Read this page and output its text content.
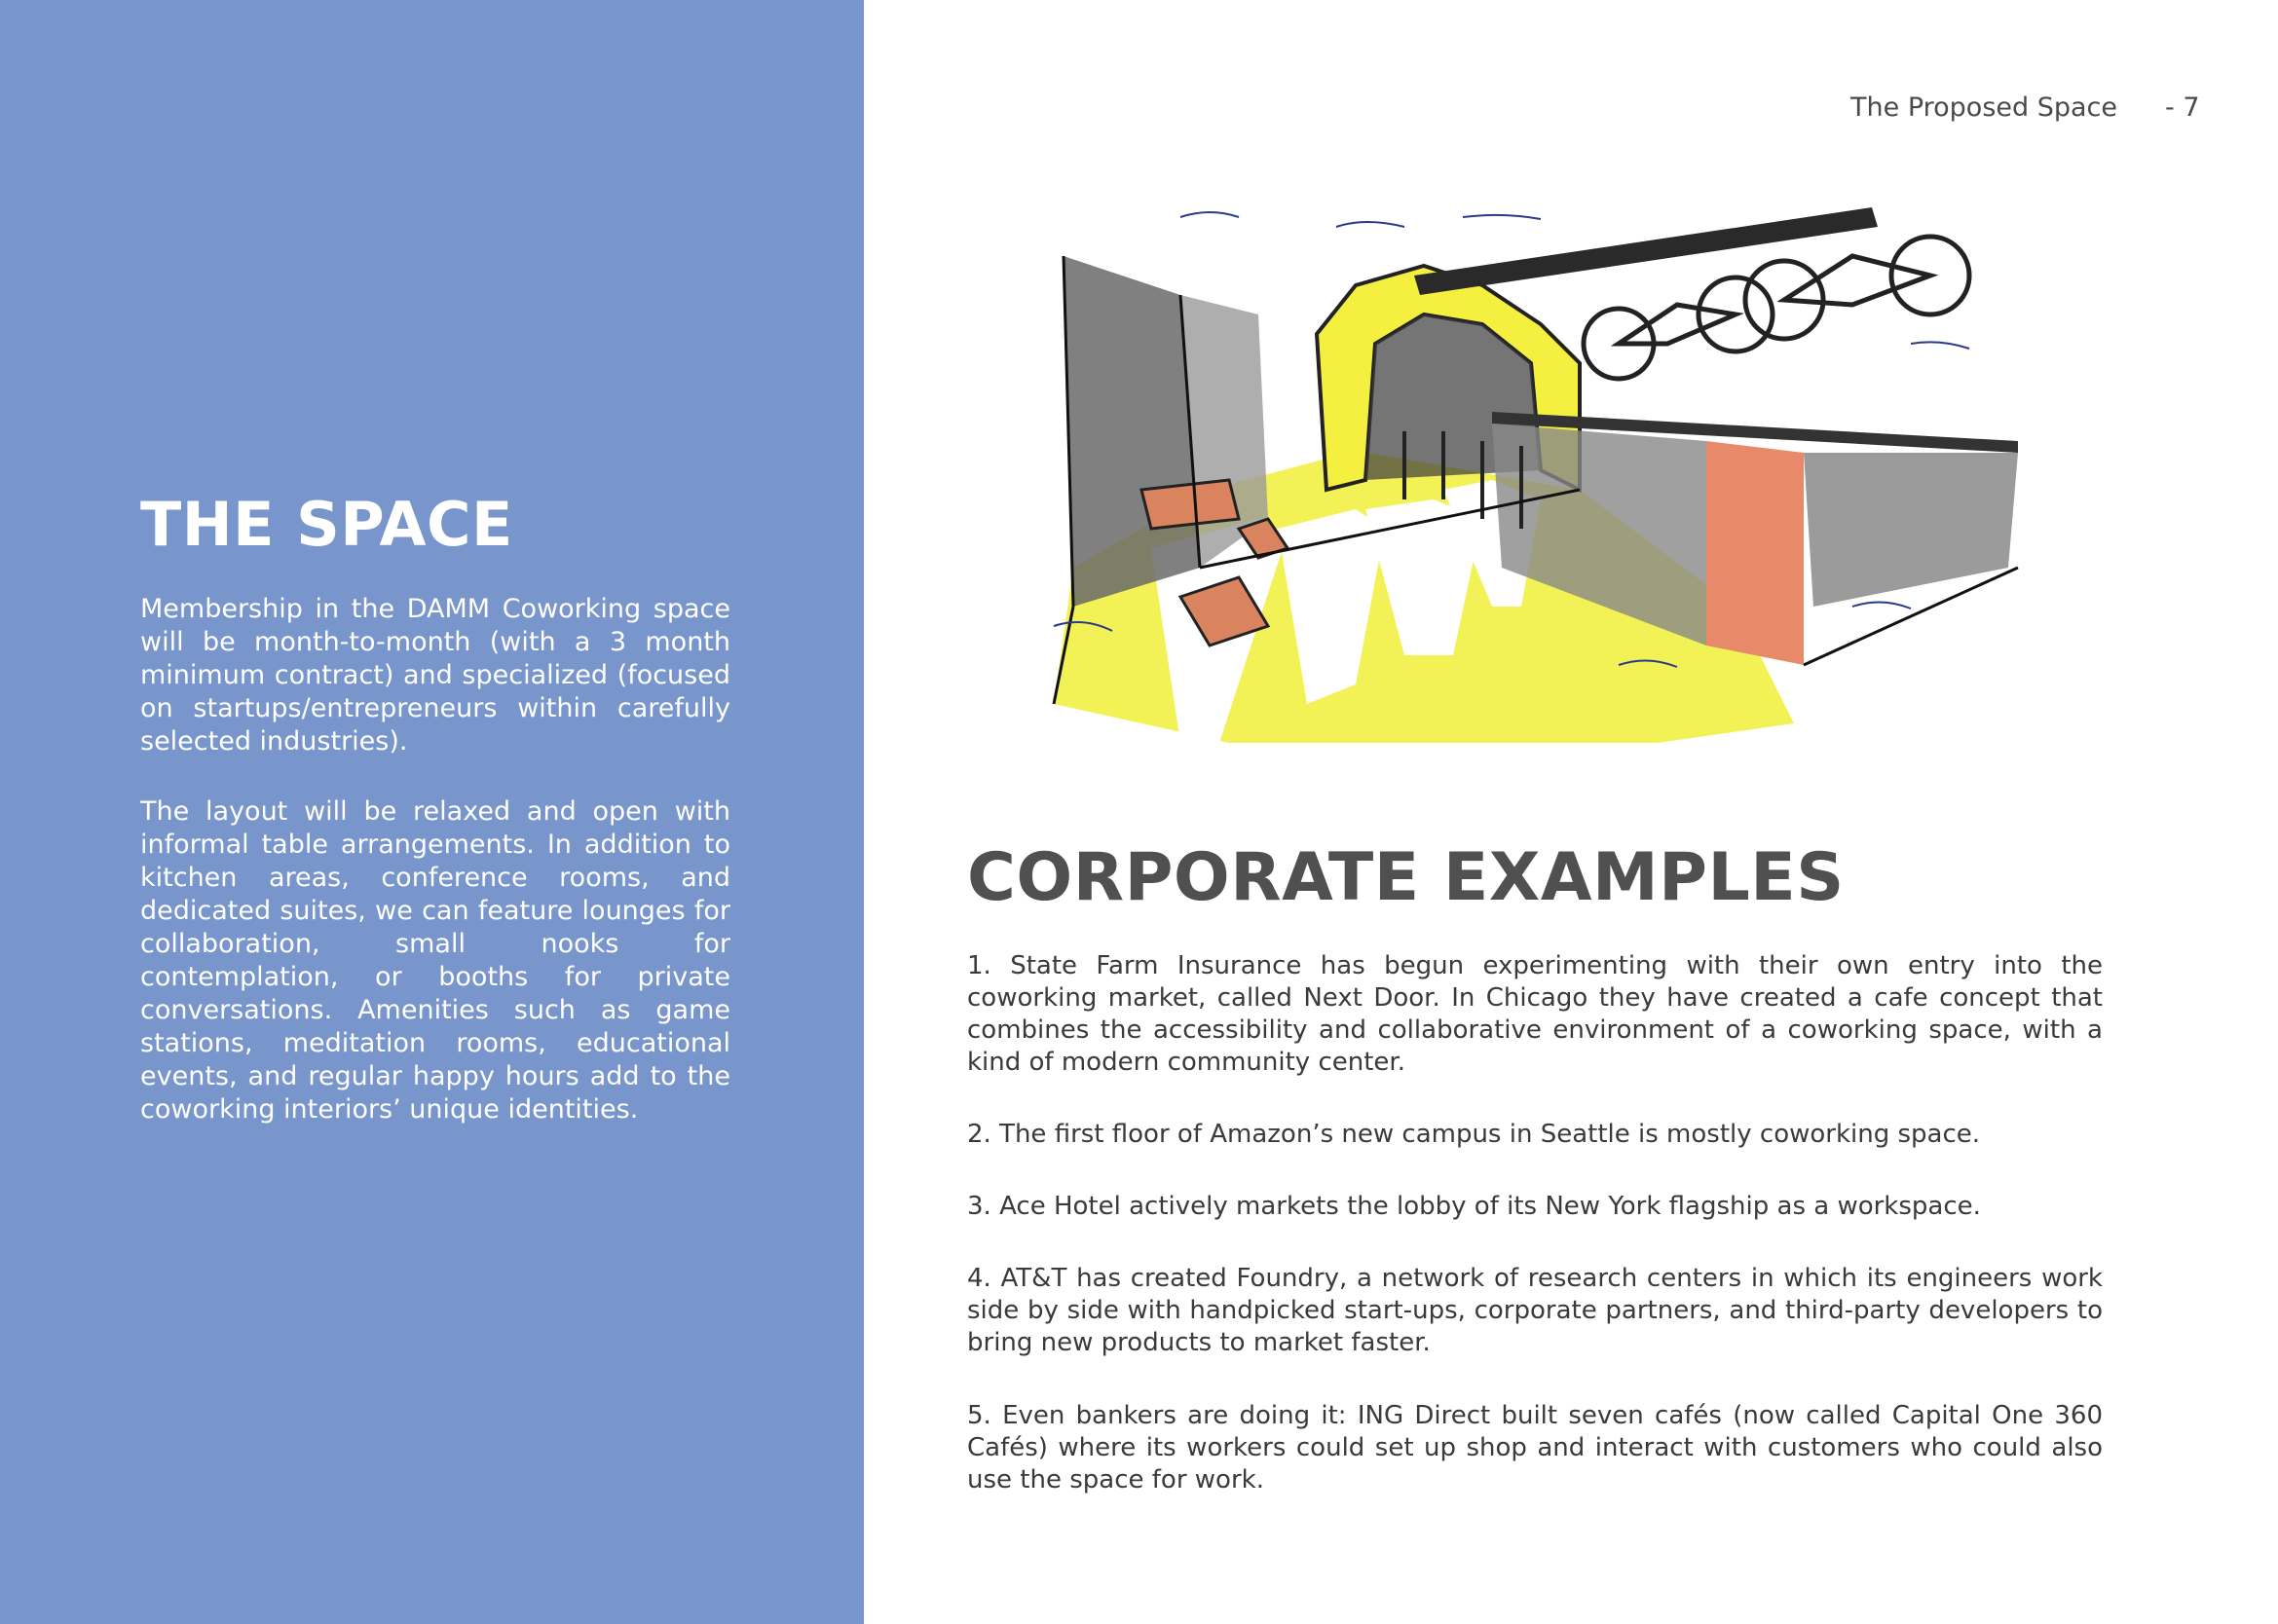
THE SPACE

Membership in the DAMM Coworking space will be month-to-month (with a 3 month minimum contract) and specialized (focused on startups/entrepreneurs within carefully selected industries).

The layout will be relaxed and open with informal table arrangements. In addition to kitchen areas, conference rooms, and dedicated suites, we can feature lounges for collaboration, small nooks for contemplation, or booths for private conversations. Amenities such as game stations, meditation rooms, educational events, and regular happy hours add to the coworking interiors’ unique identities.

The Proposed Space - 7
CORPORATE EXAMPLES

1. State Farm Insurance has begun experimenting with their own entry into the coworking market, called Next Door. In Chicago they have created a cafe concept that combines the accessibility and collaborative environment of a coworking space, with a kind of modern community center.

2. The first floor of Amazon’s new campus in Seattle is mostly coworking space.

3. Ace Hotel actively markets the lobby of its New York flagship as a workspace.

4. AT&T has created Foundry, a network of research centers in which its engineers work side by side with handpicked start-ups, corporate partners, and third-party developers to bring new products to market faster.

5. Even bankers are doing it: ING Direct built seven cafés (now called Capital One 360 Cafés) where its workers could set up shop and interact with customers who could also use the space for work.
